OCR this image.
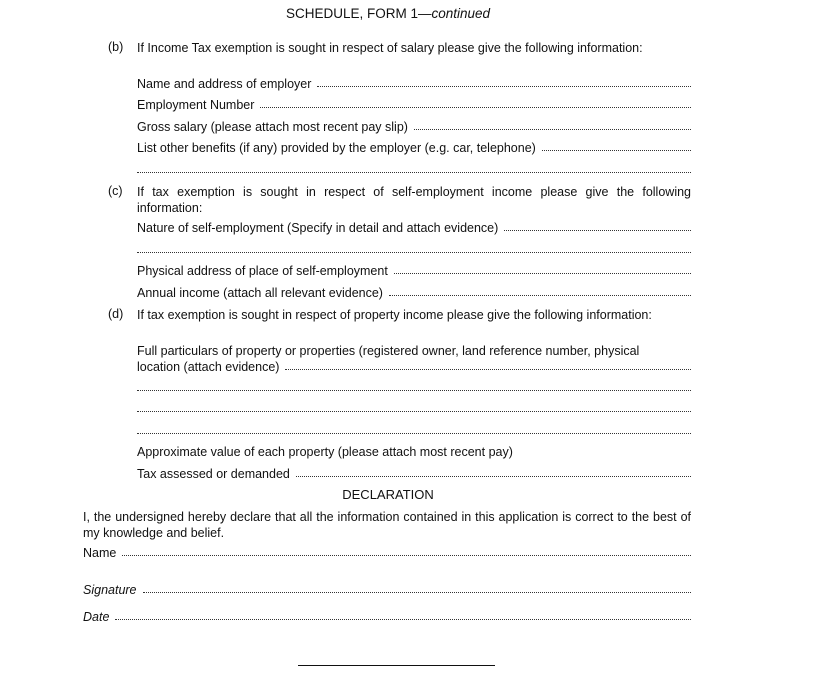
SCHEDULE, FORM 1—continued
(b) If Income Tax exemption is sought in respect of salary please give the following information:
Name and address of employer
Employment Number
Gross salary (please attach most recent pay slip)
List other benefits (if any) provided by the employer (e.g. car, telephone)
(c) If tax exemption is sought in respect of self-employment income please give the following information:
Nature of self-employment (Specify in detail and attach evidence)
Physical address of place of self-employment
Annual income (attach all relevant evidence)
(d) If tax exemption is sought in respect of property income please give the following information:
Full particulars of property or properties (registered owner, land reference number, physical
location (attach evidence)
Approximate value of each property (please attach most recent pay)
Tax assessed or demanded
DECLARATION
I, the undersigned hereby declare that all the information contained in this application is correct to the best of my knowledge and belief.
Name
Signature
Date
